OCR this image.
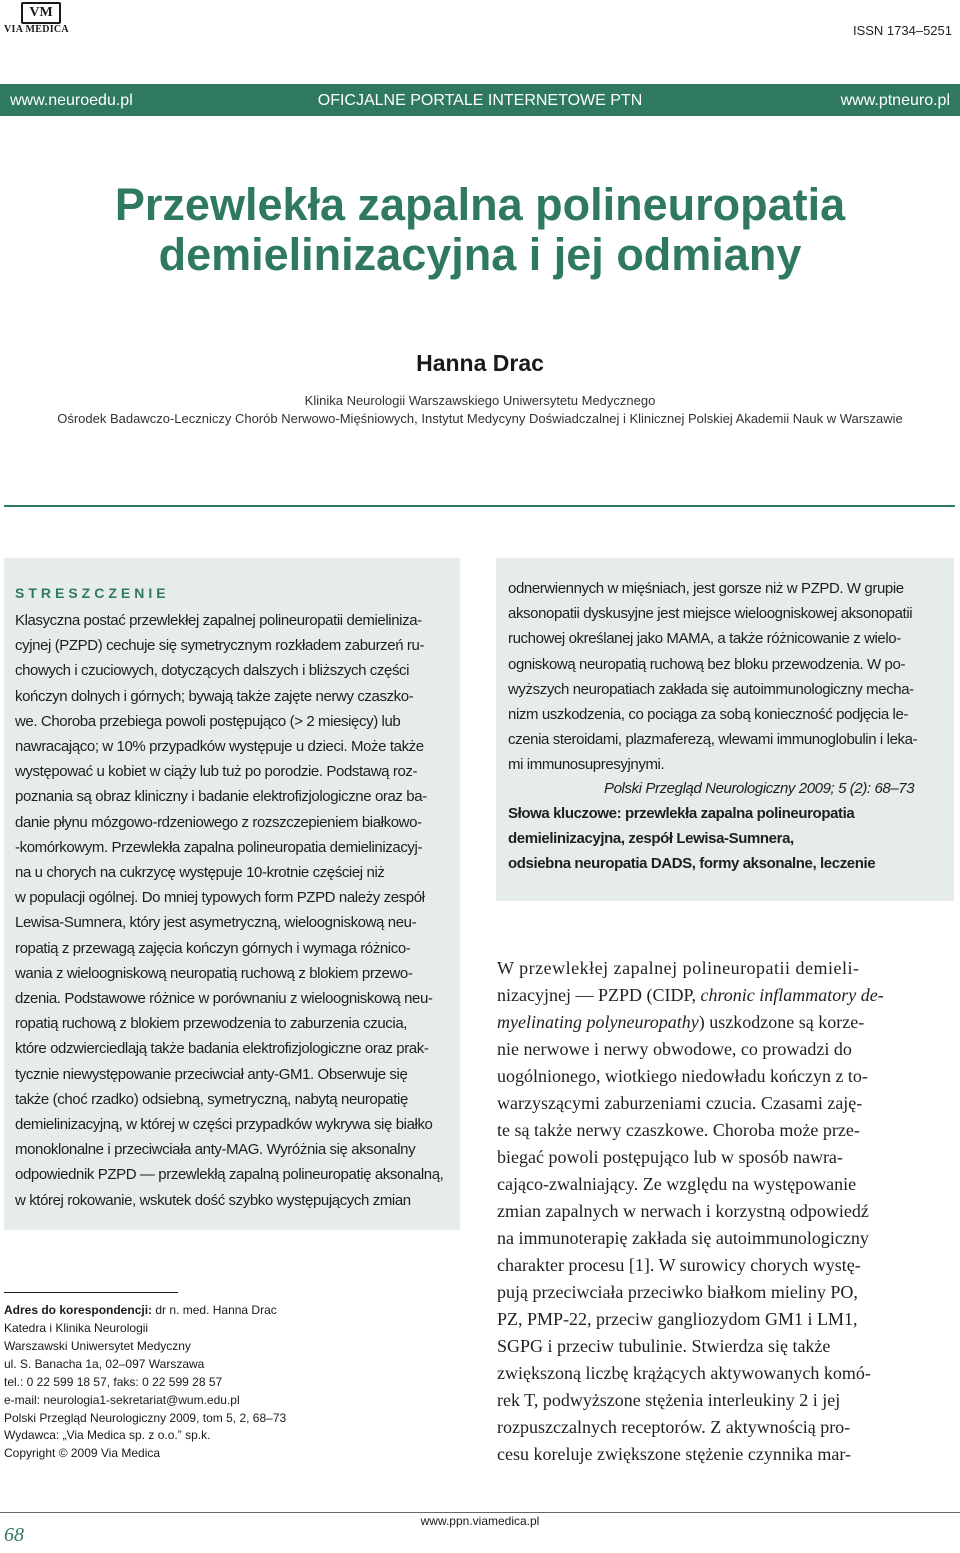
VM
VIA MEDICA	ISSN 1734–5251
OFICJALNE PORTALE INTERNETOWE PTN
www.neuroedu.pl	www.ptneuro.pl
Przewlekła zapalna polineuropatia
demielinizacyjna i jej odmiany
Hanna Drac
Klinika Neurologii Warszawskiego Uniwersytetu Medycznego
Ośrodek Badawczo-Leczniczy Chorób Nerwowo-Mięśniowych, Instytut Medycyny Doświadczalnej i Klinicznej Polskiej Akademii Nauk w Warszawie
STRESZCZENIE
Klasyczna postać przewlekłej zapalnej polineuropatii demieliniza-
cyjnej (PZPD) cechuje się symetrycznym rozkładem zaburzeń ru-
chowych i czuciowych, dotyczących dalszych i bliższych części
kończyn dolnych i górnych; bywają także zajęte nerwy czaszko-
we. Choroba przebiega powoli postępująco (> 2 miesięcy) lub
nawracająco; w 10% przypadków występuje u dzieci. Może także
występować u kobiet w ciąży lub tuż po porodzie. Podstawą roz-
poznania są obraz kliniczny i badanie elektrofizjologiczne oraz ba-
danie płynu mózgowo-rdzeniowego z rozszczepieniem białkowo-
-komórkowym. Przewlekła zapalna polineuropatia demielinizacyj-
na u chorych na cukrzycę występuje 10-krotnie częściej niż
w populacji ogólnej. Do mniej typowych form PZPD należy zespół
Lewisa-Sumnera, który jest asymetryczną, wieloogniskową neu-
ropatią z przewagą zajęcia kończyn górnych i wymaga różnico-
wania z wieloogniskową neuropatią ruchową z blokiem przewo-
dzenia. Podstawowe różnice w porównaniu z wieloogniskową neu-
ropatią ruchową z blokiem przewodzenia to zaburzenia czucia,
które odzwierciedlają także badania elektrofizjologiczne oraz prak-
tycznie niewystępowanie przeciwciał anty-GM1. Obserwuje się
także (choć rzadko) odsiebną, symetryczną, nabytą neuropatię
demielinizacyjną, w której w części przypadków wykrywa się białko
monoklonalne i przeciwciała anty-MAG. Wyróżnia się aksonalny
odpowiednik PZPD — przewlekłą zapalną polineuropatię aksonalną,
w której rokowanie, wskutek dość szybko występujących zmian
odnerwiennych w mięśniach, jest gorsze niż w PZPD. W grupie
aksonopatii dyskusyjne jest miejsce wieloogniskowej aksonopatii
ruchowej określanej jako MAMA, a także różnicowanie z wielo-
ogniskową neuropatią ruchową bez bloku przewodzenia. W po-
wyższych neuropatiach zakłada się autoimmunologiczny mecha-
nizm uszkodzenia, co pociąga za sobą konieczność podjęcia le-
czenia steroidami, plazmaferezą, wlewami immunoglobulin i leka-
mi immunosupresyjnymi.
Polski Przegląd Neurologiczny 2009; 5 (2): 68–73
Słowa kluczowe: przewlekła zapalna polineuropatia
demielinizacyjna, zespół Lewisa-Sumnera,
odsiebna neuropatia DADS, formy aksonalne, leczenie
W przewlekłej zapalnej polineuropatii demieli-
nizacyjnej — PZPD (CIDP, chronic inflammatory de-
myelinating polyneuropathy) uszkodzone są korze-
nie nerwowe i nerwy obwodowe, co prowadzi do
uogólnionego, wiotkiego niedowładu kończyn z to-
warzyszącymi zaburzeniami czucia. Czasami zaję-
te są także nerwy czaszkowe. Choroba może prze-
biegać powoli postępująco lub w sposób nawra-
cająco-zwalniający. Ze względu na występowanie
zmian zapalnych w nerwach i korzystną odpowiedź
na immunoterapię zakłada się autoimmunologiczny
charakter procesu [1]. W surowicy chorych wystę-
pują przeciwciała przeciwko białkom mieliny PO,
PZ, PMP-22, przeciw gangliozydom GM1 i LM1,
SGPG i przeciw tubulinie. Stwierdza się także
zwiększoną liczbę krążących aktywowanych komó-
rek T, podwyższone stężenia interleukiny 2 i jej
rozpuszczalnych receptorów. Z aktywnością pro-
cesu koreluje zwiększone stężenie czynnika mar-
Adres do korespondencji: dr n. med. Hanna Drac
Katedra i Klinika Neurologii
Warszawski Uniwersytet Medyczny
ul. S. Banacha 1a, 02–097 Warszawa
tel.: 0 22 599 18 57, faks: 0 22 599 28 57
e-mail: neurologia1-sekretariat@wum.edu.pl
Polski Przegląd Neurologiczny 2009, tom 5, 2, 68–73
Wydawca: „Via Medica sp. z o.o.” sp.k.
Copyright © 2009 Via Medica
68
www.ppn.viamedica.pl
